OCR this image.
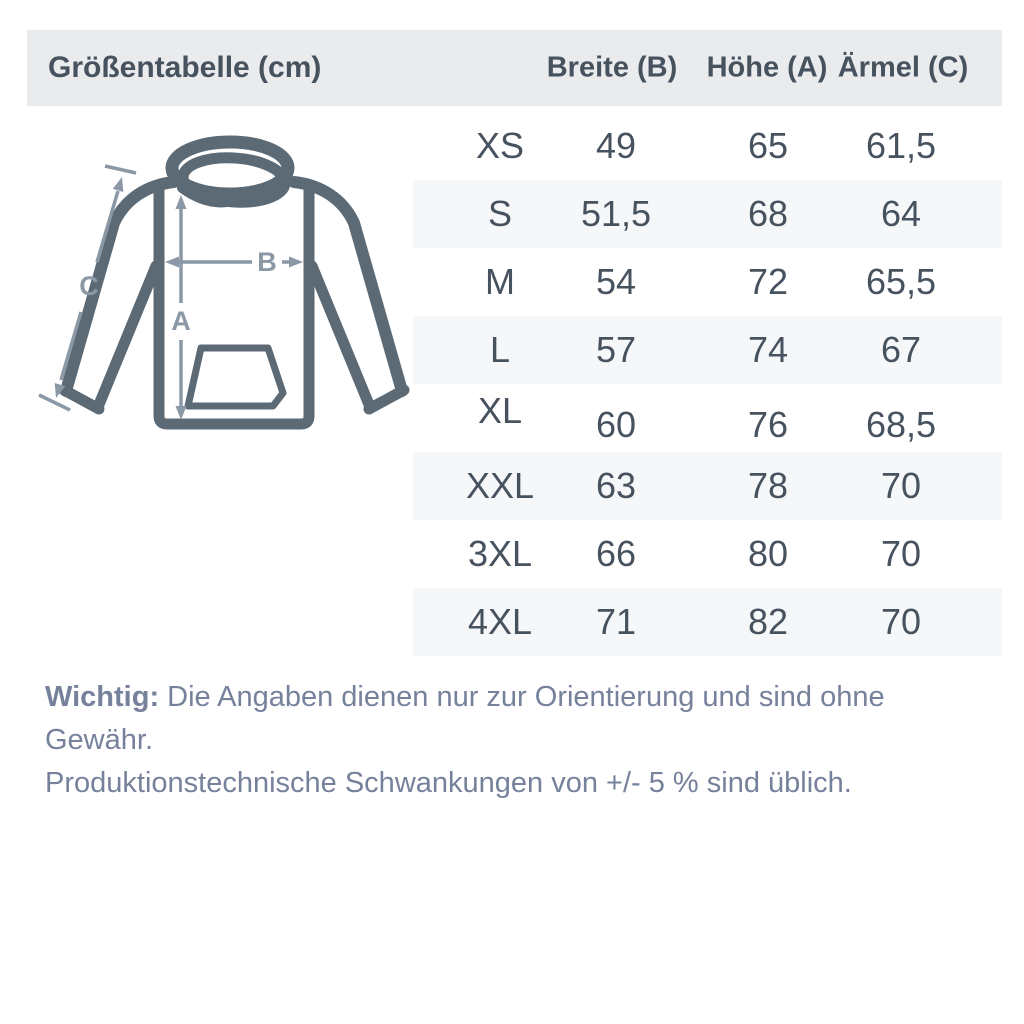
Größentabelle (cm)	Breite (B) Höhe (A) Ärmel (C)
A
B
C
XS 49	65 61,5
S 51,5	68	64
M 54	72 65,5
L 57	74	67
XL 60	76 68,5
XXL 63	78	70
3XL 66	80	70
4XL 71	82	70
Wichtig: Die Angaben dienen nur zur Orientierung und sind ohne Gewähr.
Produktionstechnische Schwankungen von +/- 5 % sind üblich.
